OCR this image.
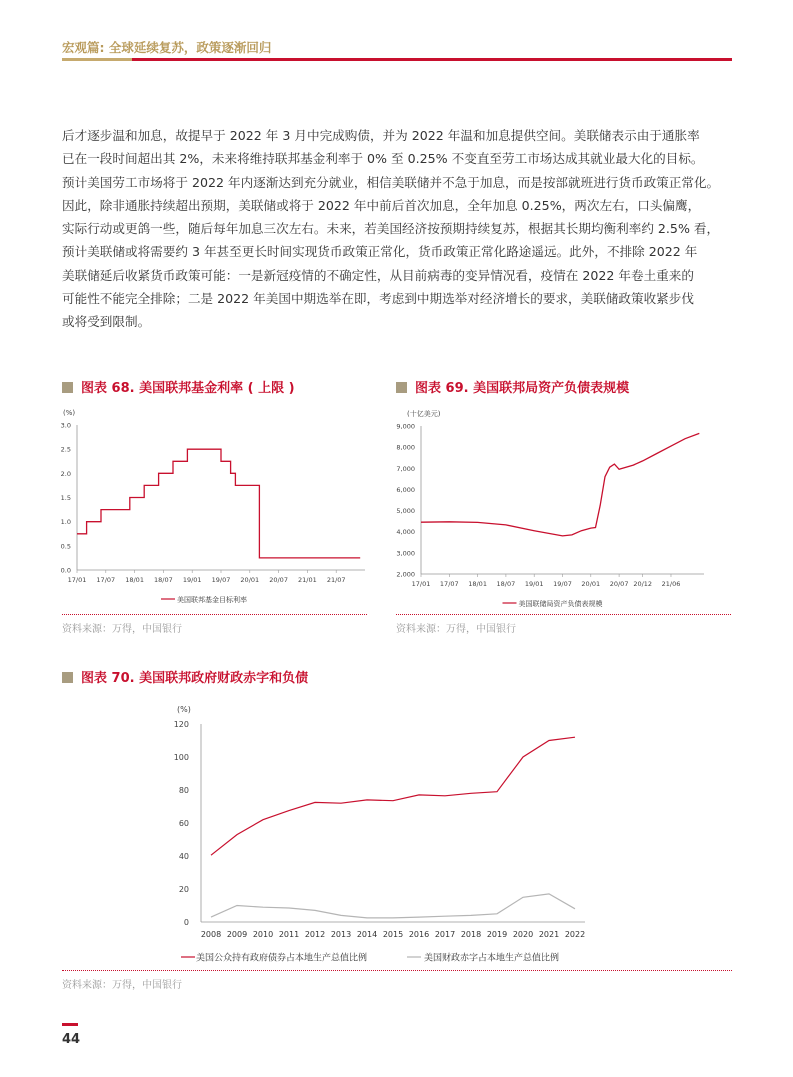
宏观篇: 全球延续复苏，政策逐渐回归

后才逐步温和加息，故提早于 2022 年 3 月中完成购债，并为 2022 年温和加息提供空间。美联储表示由于通胀率

已在一段时间超出其 2%，未来将维持联邦基金利率于 0% 至 0.25% 不变直至劳工市场达成其就业最大化的目标。

预计美国劳工市场将于 2022 年内逐渐达到充分就业，相信美联储并不急于加息，而是按部就班进行货币政策正常化。

因此，除非通胀持续超出预期，美联储或将于 2022 年中前后首次加息，全年加息 0.25%，两次左右，口头偏鹰，

实际行动或更鸽一些，随后每年加息三次左右。未来，若美国经济按预期持续复苏，根据其长期均衡利率约 2.5% 看，

预计美联储或将需要约 3 年甚至更长时间实现货币政策正常化，货币政策正常化路途遥远。此外，不排除 2022 年

美联储延后收紧货币政策可能：一是新冠疫情的不确定性，从目前病毒的变异情况看，疫情在 2022 年卷土重来的

可能性不能完全排除；二是 2022 年美国中期选举在即，考虑到中期选举对经济增长的要求，美联储政策收紧步伐

或将受到限制。

图表 68. 美国联邦基金利率 ( 上限 )
(%)
0.0
0.5
1.0
1.5
2.0
2.5
3.0
17/01 17/07 18/01 18/07 19/01 19/07 20/01 20/07 21/01 21/07
美国联邦基金目标利率
资料来源：万得，中国银行
图表 69. 美国联邦局资产负债表规模
(十亿美元)
2,000
3,000
4,000
5,000
6,000
7,000
8,000
9,000
17/01 17/07 18/01 18/07 19/01 19/07 20/01 20/07 20/12 21/06
美国联储局资产负债表规模
资料来源：万得，中国银行
图表 70. 美国联邦政府财政赤字和负债
(%)
0
20
40
60
80
100
120
2008 2009 2010 2011 2012 2013 2014 2015 2016 2017 2018 2019 2020 2021 2022
美国公众持有政府债券占本地生产总值比例	美国财政赤字占本地生产总值比例
资料来源：万得，中国银行
44
